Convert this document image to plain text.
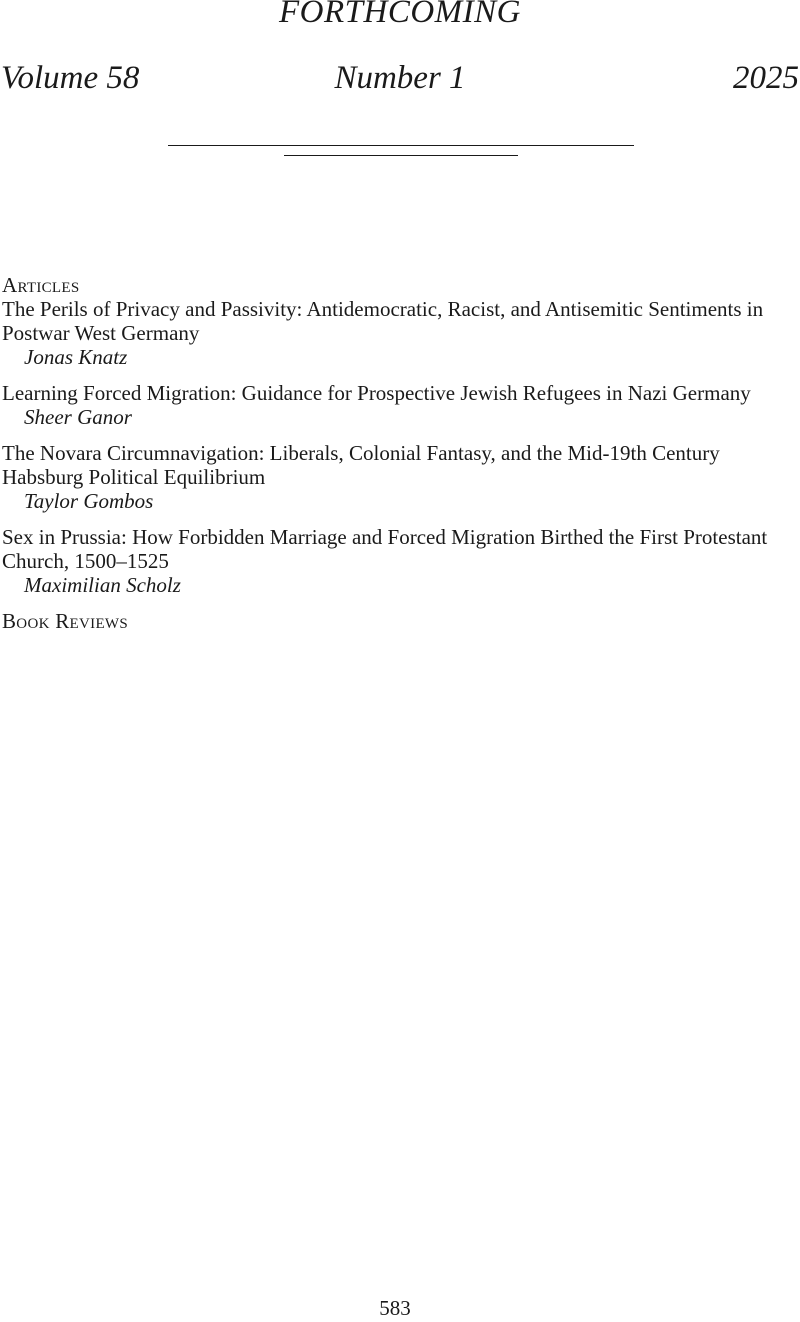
FORTHCOMING
Number 1
Volume 58	2025
Articles
The Perils of Privacy and Passivity: Antidemocratic, Racist, and Antisemitic Sentiments in Postwar West Germany
Jonas Knatz
Learning Forced Migration: Guidance for Prospective Jewish Refugees in Nazi Germany
Sheer Ganor
The Novara Circumnavigation: Liberals, Colonial Fantasy, and the Mid-19th Century Habsburg Political Equilibrium
Taylor Gombos
Sex in Prussia: How Forbidden Marriage and Forced Migration Birthed the First Protestant Church, 1500–1525
Maximilian Scholz
Book Reviews
583
